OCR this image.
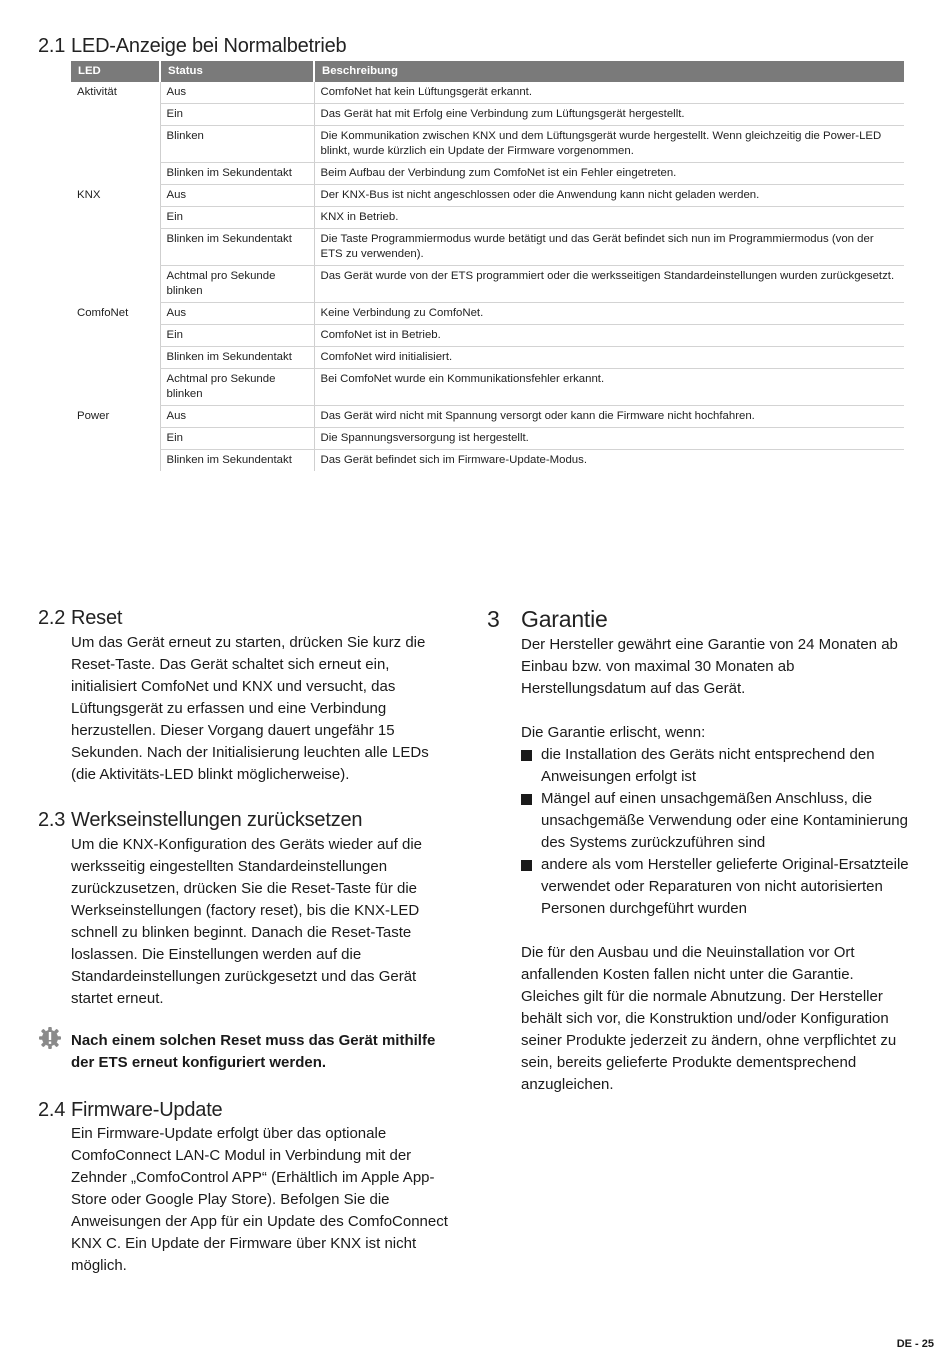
2.1 LED-Anzeige bei Normalbetrieb
LED	Status	Beschreibung
Aktivität	Aus	ComfoNet hat kein Lüftungsgerät erkannt.
	Ein	Das Gerät hat mit Erfolg eine Verbindung zum Lüftungsgerät hergestellt.
	Blinken	Die Kommunikation zwischen KNX und dem Lüftungsgerät wurde hergestellt. Wenn gleichzeitig die Power-LED blinkt, wurde kürzlich ein Update der Firmware vorgenommen.
	Blinken im Sekundentakt	Beim Aufbau der Verbindung zum ComfoNet ist ein Fehler eingetreten.
KNX	Aus	Der KNX-Bus ist nicht angeschlossen oder die Anwendung kann nicht geladen werden.
	Ein	KNX in Betrieb.
	Blinken im Sekundentakt	Die Taste Programmiermodus wurde betätigt und das Gerät befindet sich nun im Programmiermodus (von der ETS zu verwenden).
	Achtmal pro Sekunde blinken	Das Gerät wurde von der ETS programmiert oder die werksseitigen Standardeinstellungen wurden zurückgesetzt.
ComfoNet	Aus	Keine Verbindung zu ComfoNet.
	Ein	ComfoNet ist in Betrieb.
	Blinken im Sekundentakt	ComfoNet wird initialisiert.
	Achtmal pro Sekunde blinken	Bei ComfoNet wurde ein Kommunikationsfehler erkannt.
Power	Aus	Das Gerät wird nicht mit Spannung versorgt oder kann die Firmware nicht hochfahren.
	Ein	Die Spannungsversorgung ist hergestellt.
	Blinken im Sekundentakt	Das Gerät befindet sich im Firmware-Update-Modus.
2.2 Reset

Um das Gerät erneut zu starten, drücken Sie kurz die Reset-Taste. Das Gerät schaltet sich erneut ein, initialisiert ComfoNet und KNX und versucht, das Lüftungsgerät zu erfassen und eine Verbindung herzustellen. Dieser Vorgang dauert ungefähr 15 Sekunden. Nach der Initialisierung leuchten alle LEDs (die Aktivitäts-LED blinkt möglicherweise).

2.3 Werkseinstellungen zurücksetzen

Um die KNX-Konfiguration des Geräts wieder auf die werksseitig eingestellten Standardeinstellungen zurückzusetzen, drücken Sie die Reset-Taste für die Werkseinstellungen (factory reset), bis die KNX-LED schnell zu blinken beginnt. Danach die Reset-Taste loslassen. Die Einstellungen werden auf die Standardeinstellungen zurückgesetzt und das Gerät startet erneut.

Nach einem solchen Reset muss das Gerät mithilfe der ETS erneut konfiguriert werden.
2.4 Firmware-Update

Ein Firmware-Update erfolgt über das optionale ComfoConnect LAN-C Modul in Verbindung mit der Zehnder „ComfoControl APP“ (Erhältlich im Apple App-Store oder Google Play Store). Befolgen Sie die Anweisungen der App für ein Update des ComfoConnect KNX C. Ein Update der Firmware über KNX ist nicht möglich.

3 Garantie

Der Hersteller gewährt eine Garantie von 24 Monaten ab Einbau bzw. von maximal 30 Monaten ab Herstellungsdatum auf das Gerät.

Die Garantie erlischt, wenn:

die Installation des Geräts nicht entsprechend den Anweisungen erfolgt ist
Mängel auf einen unsachgemäßen Anschluss, die unsachgemäße Verwendung oder eine Kontaminierung des Systems zurückzuführen sind
andere als vom Hersteller gelieferte Original-Ersatzteile verwendet oder Reparaturen von nicht autorisierten Personen durchgeführt wurden

Die für den Ausbau und die Neuinstallation vor Ort anfallenden Kosten fallen nicht unter die Garantie. Gleiches gilt für die normale Abnutzung. Der Hersteller behält sich vor, die Konstruktion und/oder Konfiguration seiner Produkte jederzeit zu ändern, ohne verpflichtet zu sein, bereits gelieferte Produkte dementsprechend anzugleichen.

DE - 25
